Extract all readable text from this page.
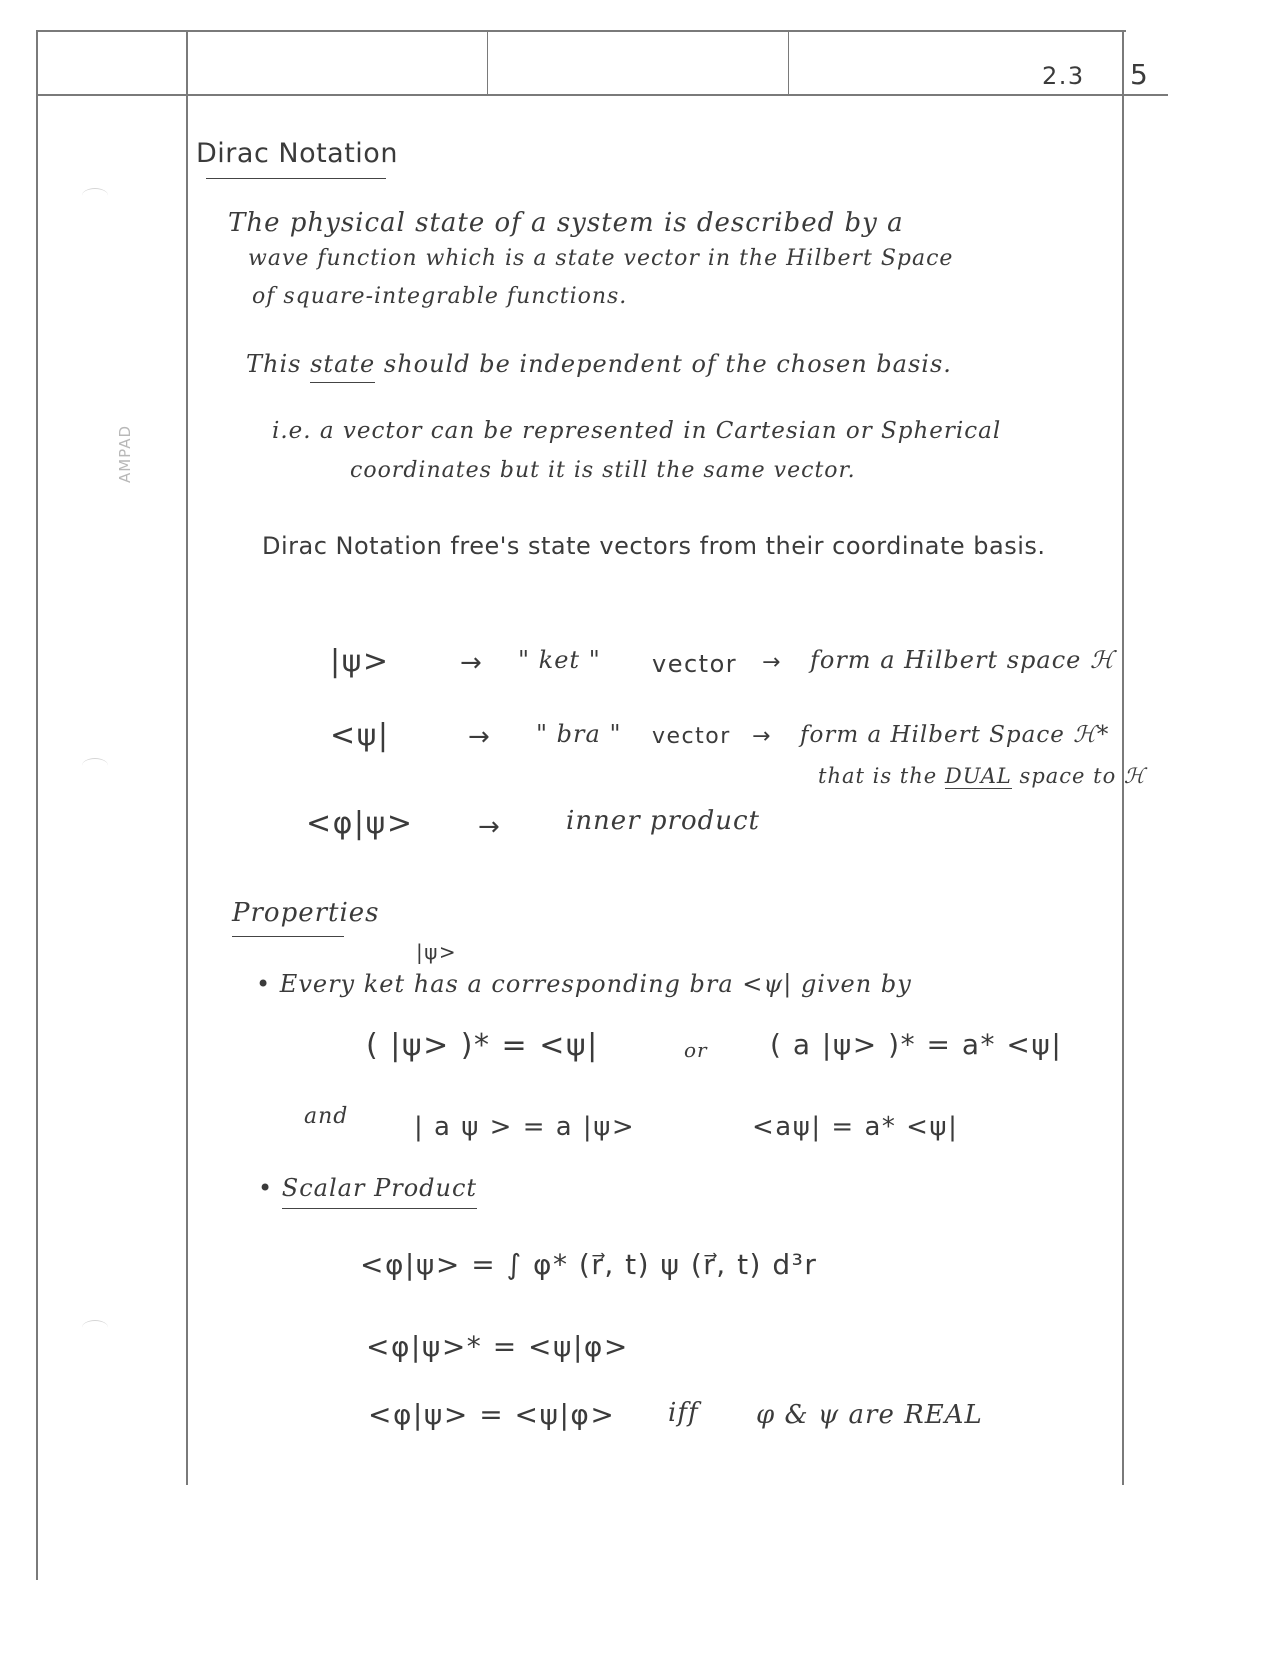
AMPAD
2.3 5
Dirac Notation
The physical state of a system is described by a
wave function which is a state vector in the Hilbert Space
of square-integrable functions.
This state should be independent of the chosen basis.
i.e. a vector can be represented in Cartesian or Spherical
coordinates but it is still the same vector.
Dirac Notation free's state vectors from their coordinate basis.
|ψ>	→ " ket " vector → form a Hilbert space ℋ
<ψ|	→ " bra " vector → form a Hilbert Space ℋ*
that is the DUAL space to ℋ
<φ|ψ> → inner product
Properties
|ψ>
• Every ket has a corresponding bra <ψ| given by
( |ψ> )* = <ψ|	or ( a |ψ> )* = a* <ψ|
and	| a ψ > = a |ψ>	<aψ| = a* <ψ|
• Scalar Product
<φ|ψ> = ∫ φ* (r⃗, t) ψ (r⃗, t) d³r
<φ|ψ>* = <ψ|φ>
<φ|ψ> = <ψ|φ> iff φ & ψ are REAL
